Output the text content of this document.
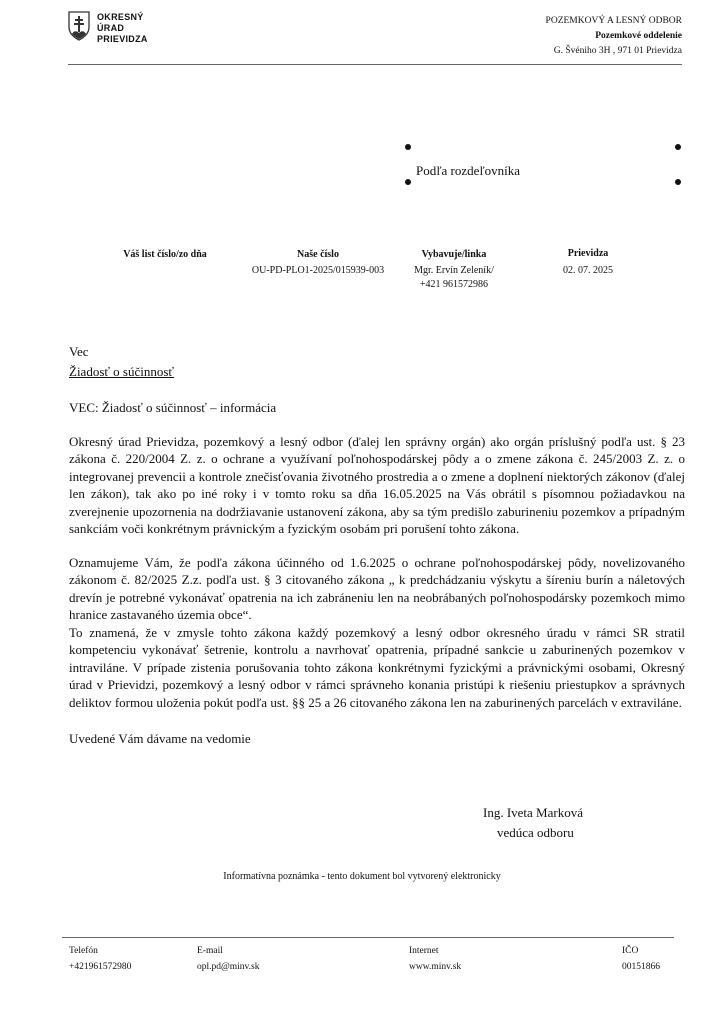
OKRESNÝ
ÚRAD
PRIEVIDZA
POZEMKOVÝ A LESNÝ ODBOR
Pozemkové oddelenie
G. Švéniho 3H , 971 01 Prievidza
Podľa rozdeľovníka
Váš list číslo/zo dňa	Naše číslo
OU-PD-PLO1-2025/015939-003
Vybavuje/linka
Mgr. Ervín Zeleník/
+421 961572986
Prievidza
02. 07. 2025

Vec

Žiadosť o súčinnosť

VEC: Žiadosť o súčinnosť – informácia

Okresný úrad Prievidza, pozemkový a lesný odbor (ďalej len správny orgán) ako orgán príslušný podľa ust. § 23 zákona č. 220/2004 Z. z. o ochrane a využívaní poľnohospodárskej pôdy a o zmene zákona č. 245/2003 Z. z. o integrovanej prevencii a kontrole znečisťovania životného prostredia a o zmene a doplnení niektorých zákonov (ďalej len zákon), tak ako po iné roky i v tomto roku sa dňa 16.05.2025 na Vás obrátil s písomnou požiadavkou na zverejnenie upozornenia na dodržiavanie ustanovení zákona, aby sa tým predišlo zaburineniu pozemkov a prípadným sankciám voči konkrétnym právnickým a fyzickým osobám pri porušení tohto zákona.

Oznamujeme Vám, že podľa zákona účinného od 1.6.2025 o ochrane poľnohospodárskej pôdy, novelizovaného zákonom č. 82/2025 Z.z. podľa ust. § 3 citovaného zákona „ k predchádzaniu výskytu a šíreniu burín a náletových drevín je potrebné vykonávať opatrenia na ich zabráneniu len na neobrábaných poľnohospodársky pozemkoch mimo hranice zastavaného územia obce“.

To znamená, že v zmysle tohto zákona každý pozemkový a lesný odbor okresného úradu v rámci SR stratil kompetenciu vykonávať šetrenie, kontrolu a navrhovať opatrenia, prípadné sankcie u zaburinených pozemkov v intraviláne. V prípade zistenia porušovania tohto zákona konkrétnymi fyzickými a právnickými osobami, Okresný úrad v Prievidzi, pozemkový a lesný odbor v rámci správneho konania pristúpi k riešeniu priestupkov a správnych deliktov formou uloženia pokút podľa ust. §§ 25 a 26 citovaného zákona len na zaburinených parcelách v extraviláne.

Uvedené Vám dávame na vedomie

Ing. Iveta Marková
vedúca odboru
Informatívna poznámka - tento dokument bol vytvorený elektronicky
Telefón
+421961572980
E-mail
opl.pd@minv.sk
Internet
www.minv.sk
IČO
00151866
